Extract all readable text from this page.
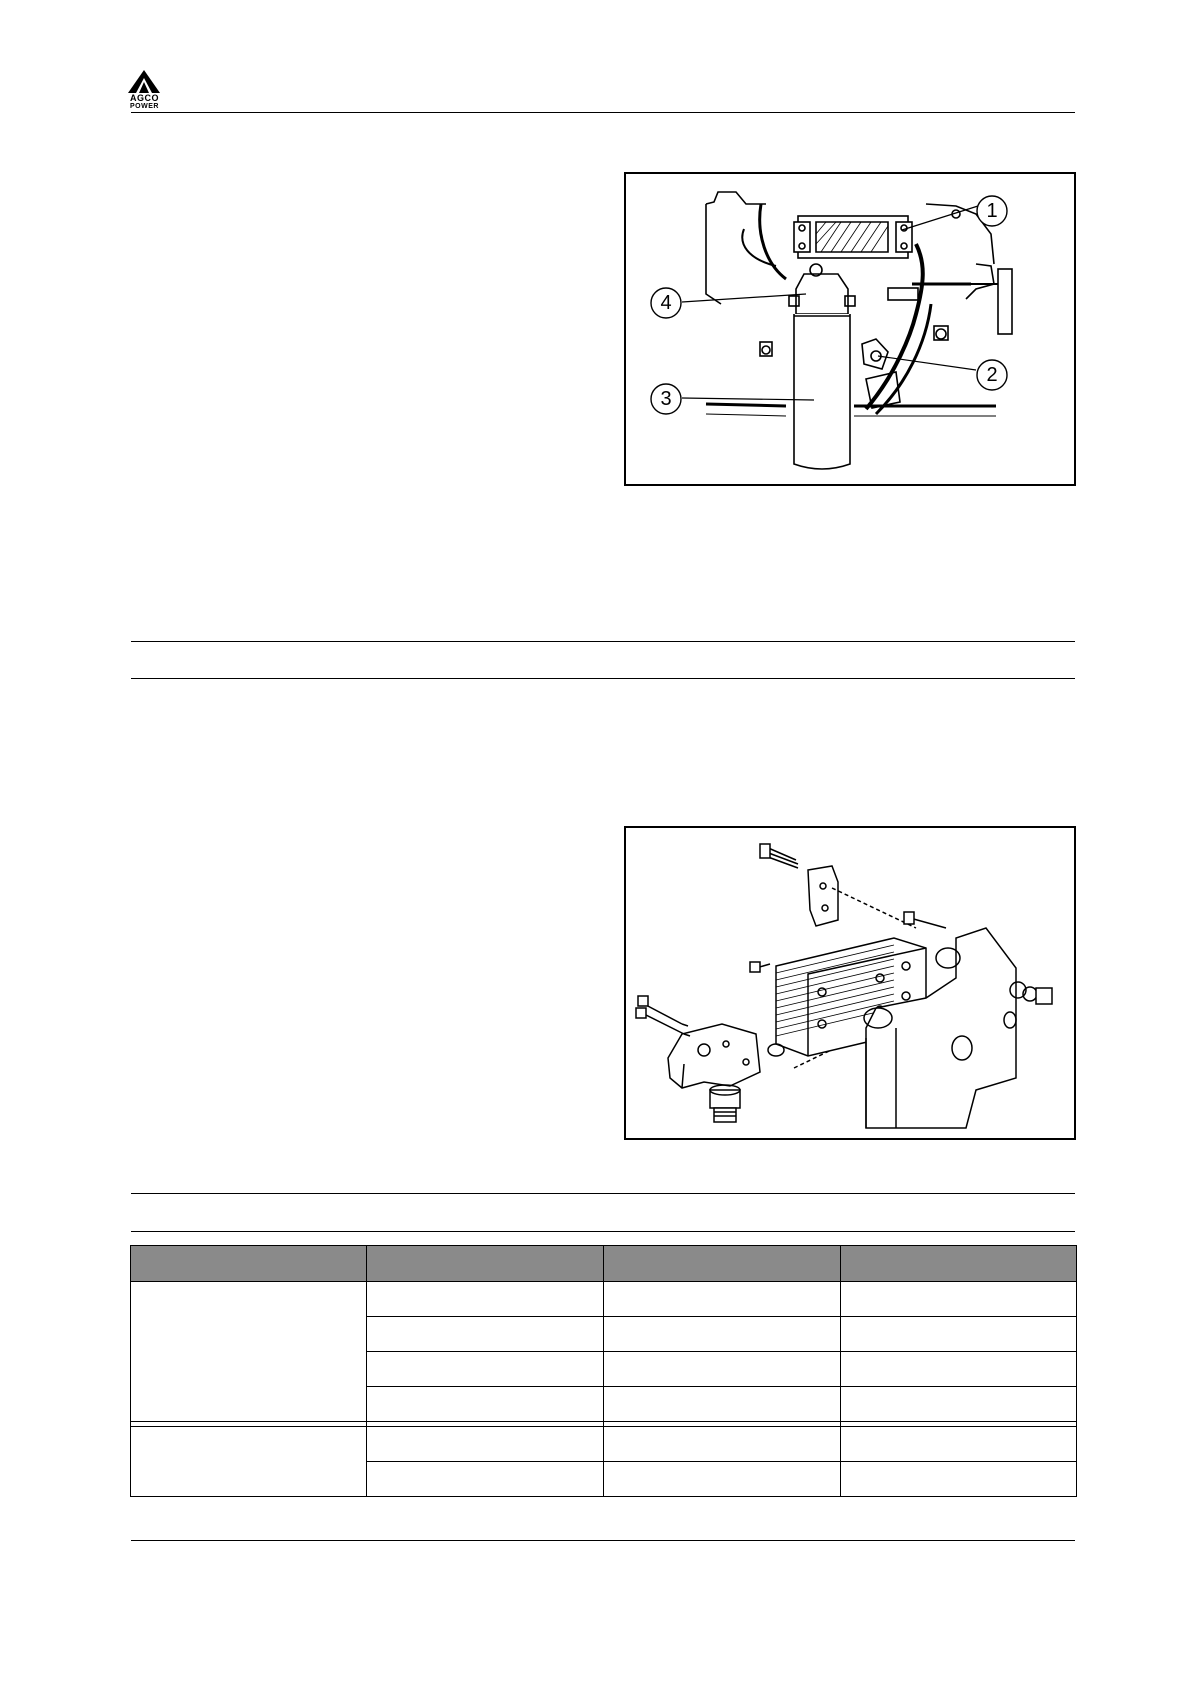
AGCO
POWER
1
2
3
4
